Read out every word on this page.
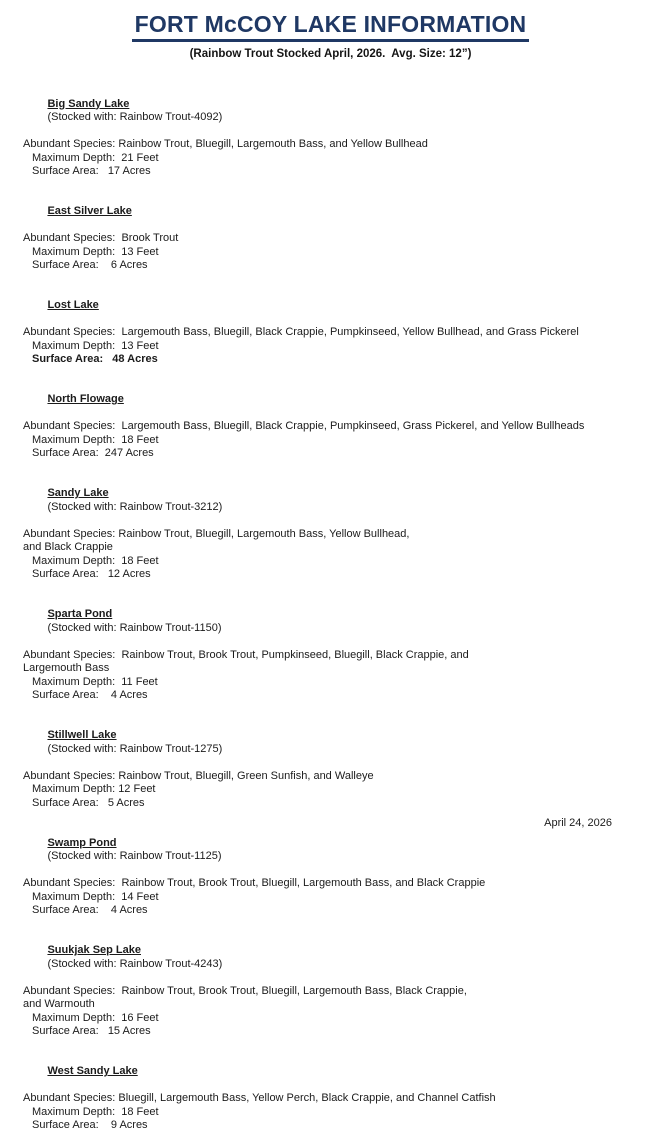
FORT McCOY LAKE INFORMATION
(Rainbow Trout Stocked April, 2026.  Avg. Size: 12”)

Big Sandy Lake
(Stocked with: Rainbow Trout-4092)

Abundant Species: Rainbow Trout, Bluegill, Largemouth Bass, and Yellow Bullhead
Maximum Depth:  21 Feet
Surface Area:   17 Acres

East Silver Lake

Abundant Species:  Brook Trout
Maximum Depth:  13 Feet
Surface Area:    6 Acres

Lost Lake

Abundant Species:  Largemouth Bass, Bluegill, Black Crappie, Pumpkinseed, Yellow Bullhead, and Grass Pickerel
Maximum Depth:  13 Feet
Surface Area:   48 Acres

North Flowage

Abundant Species:  Largemouth Bass, Bluegill, Black Crappie, Pumpkinseed, Grass Pickerel, and Yellow Bullheads
Maximum Depth:  18 Feet
Surface Area:  247 Acres

Sandy Lake
(Stocked with: Rainbow Trout-3212)

Abundant Species: Rainbow Trout, Bluegill, Largemouth Bass, Yellow Bullhead,
and Black Crappie
Maximum Depth:  18 Feet
Surface Area:   12 Acres

Sparta Pond
(Stocked with: Rainbow Trout-1150)

Abundant Species:  Rainbow Trout, Brook Trout, Pumpkinseed, Bluegill, Black Crappie, and
Largemouth Bass
Maximum Depth:  11 Feet
Surface Area:    4 Acres

Stillwell Lake
(Stocked with: Rainbow Trout-1275)

Abundant Species: Rainbow Trout, Bluegill, Green Sunfish, and Walleye
Maximum Depth: 12 Feet
Surface Area:   5 Acres

Swamp Pond
(Stocked with: Rainbow Trout-1125)

Abundant Species:  Rainbow Trout, Brook Trout, Bluegill, Largemouth Bass, and Black Crappie
Maximum Depth:  14 Feet
Surface Area:    4 Acres

Suukjak Sep Lake
(Stocked with: Rainbow Trout-4243)

Abundant Species:  Rainbow Trout, Brook Trout, Bluegill, Largemouth Bass, Black Crappie,
and Warmouth
Maximum Depth:  16 Feet
Surface Area:   15 Acres

West Sandy Lake

Abundant Species: Bluegill, Largemouth Bass, Yellow Perch, Black Crappie, and Channel Catfish
Maximum Depth:  18 Feet
Surface Area:    9 Acres
April 24, 2026
